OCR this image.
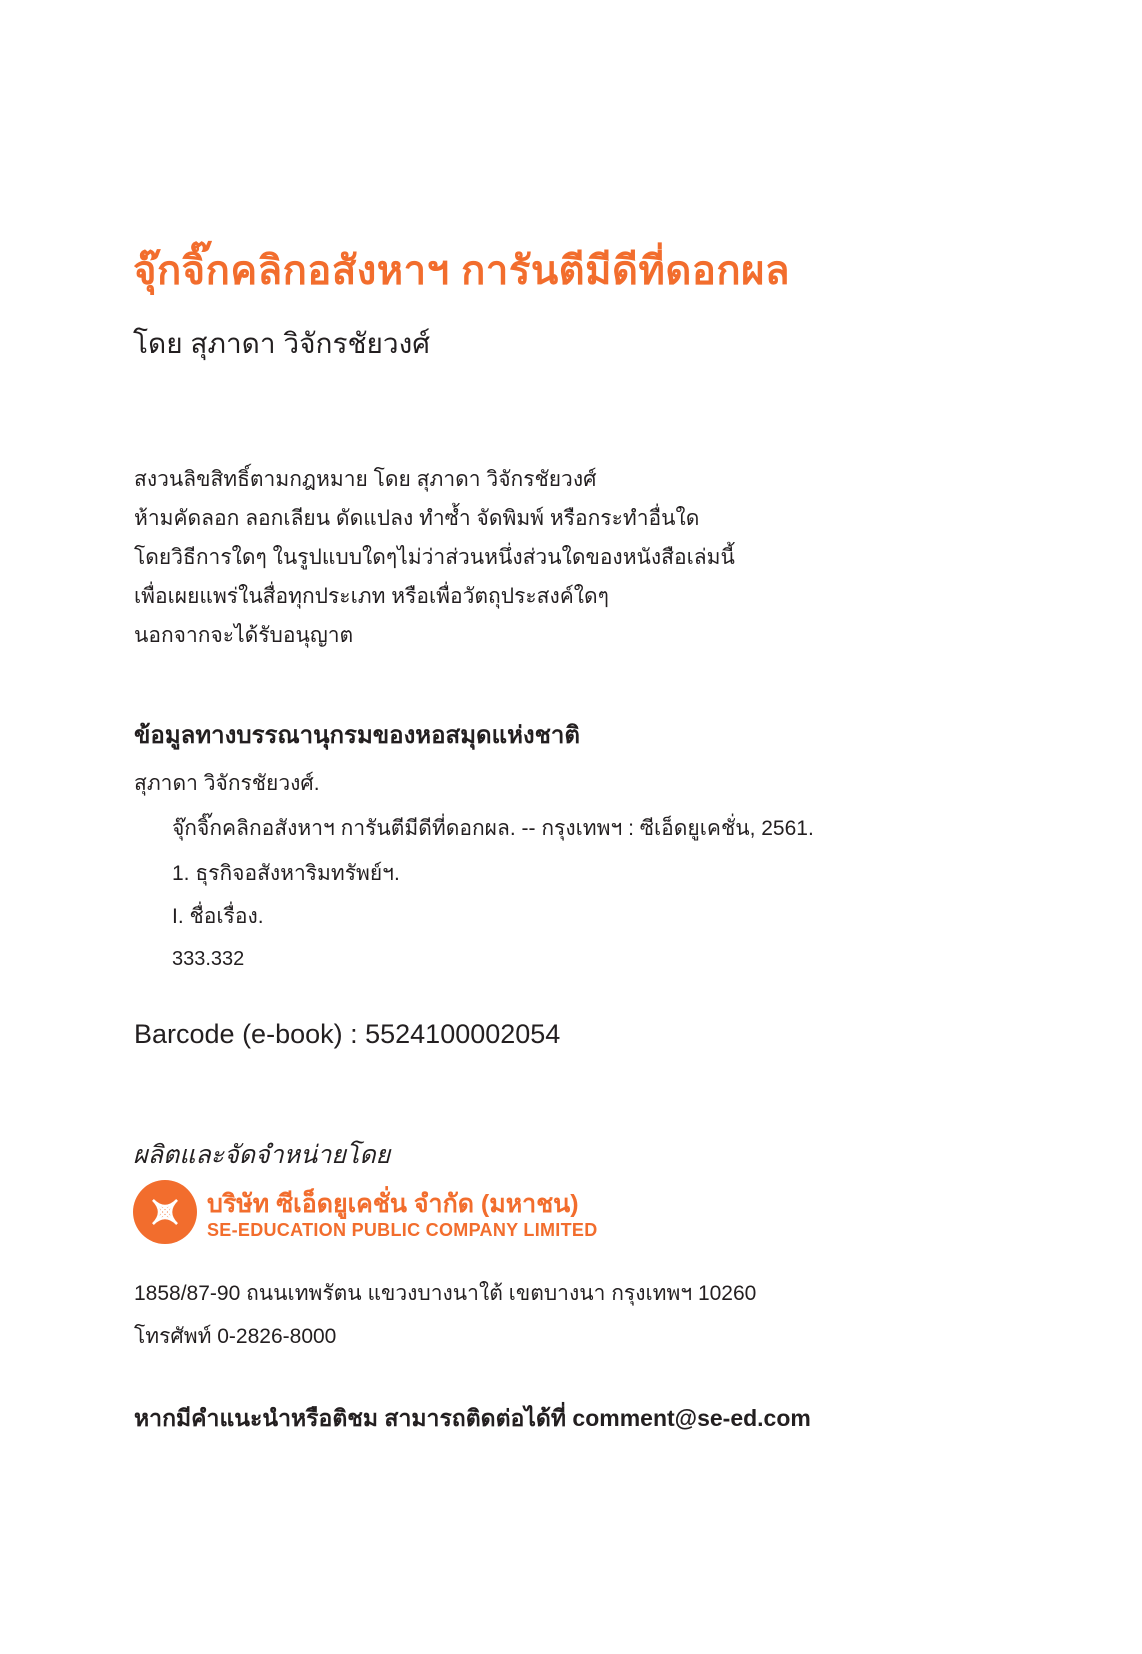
จุ๊กจิ๊กคลิกอสังหาฯ การันตีมีดีที่ดอกผล
โดย สุภาดา วิจักรชัยวงศ์
สงวนลิขสิทธิ์ตามกฎหมาย โดย สุภาดา วิจักรชัยวงศ์
ห้ามคัดลอก ลอกเลียน ดัดแปลง ทำซ้ำ จัดพิมพ์ หรือกระทำอื่นใด
โดยวิธีการใดๆ ในรูปแบบใดๆไม่ว่าส่วนหนึ่งส่วนใดของหนังสือเล่มนี้
เพื่อเผยแพร่ในสื่อทุกประเภท หรือเพื่อวัตถุประสงค์ใดๆ
นอกจากจะได้รับอนุญาต
ข้อมูลทางบรรณานุกรมของหอสมุดแห่งชาติ
สุภาดา วิจักรชัยวงศ์.
จุ๊กจิ๊กคลิกอสังหาฯ การันตีมีดีที่ดอกผล. -- กรุงเทพฯ : ซีเอ็ดยูเคชั่น, 2561.
1. ธุรกิจอสังหาริมทรัพย์ฯ.
I. ชื่อเรื่อง.
333.332
Barcode (e-book) : 5524100002054
ผลิตและจัดจำหน่ายโดย
บริษัท ซีเอ็ดยูเคชั่น จำกัด (มหาชน)
SE-EDUCATION PUBLIC COMPANY LIMITED
1858/87-90 ถนนเทพรัตน แขวงบางนาใต้ เขตบางนา กรุงเทพฯ 10260
โทรศัพท์ 0-2826-8000
หากมีคำแนะนำหรือติชม สามารถติดต่อได้ที่ comment@se-ed.com
